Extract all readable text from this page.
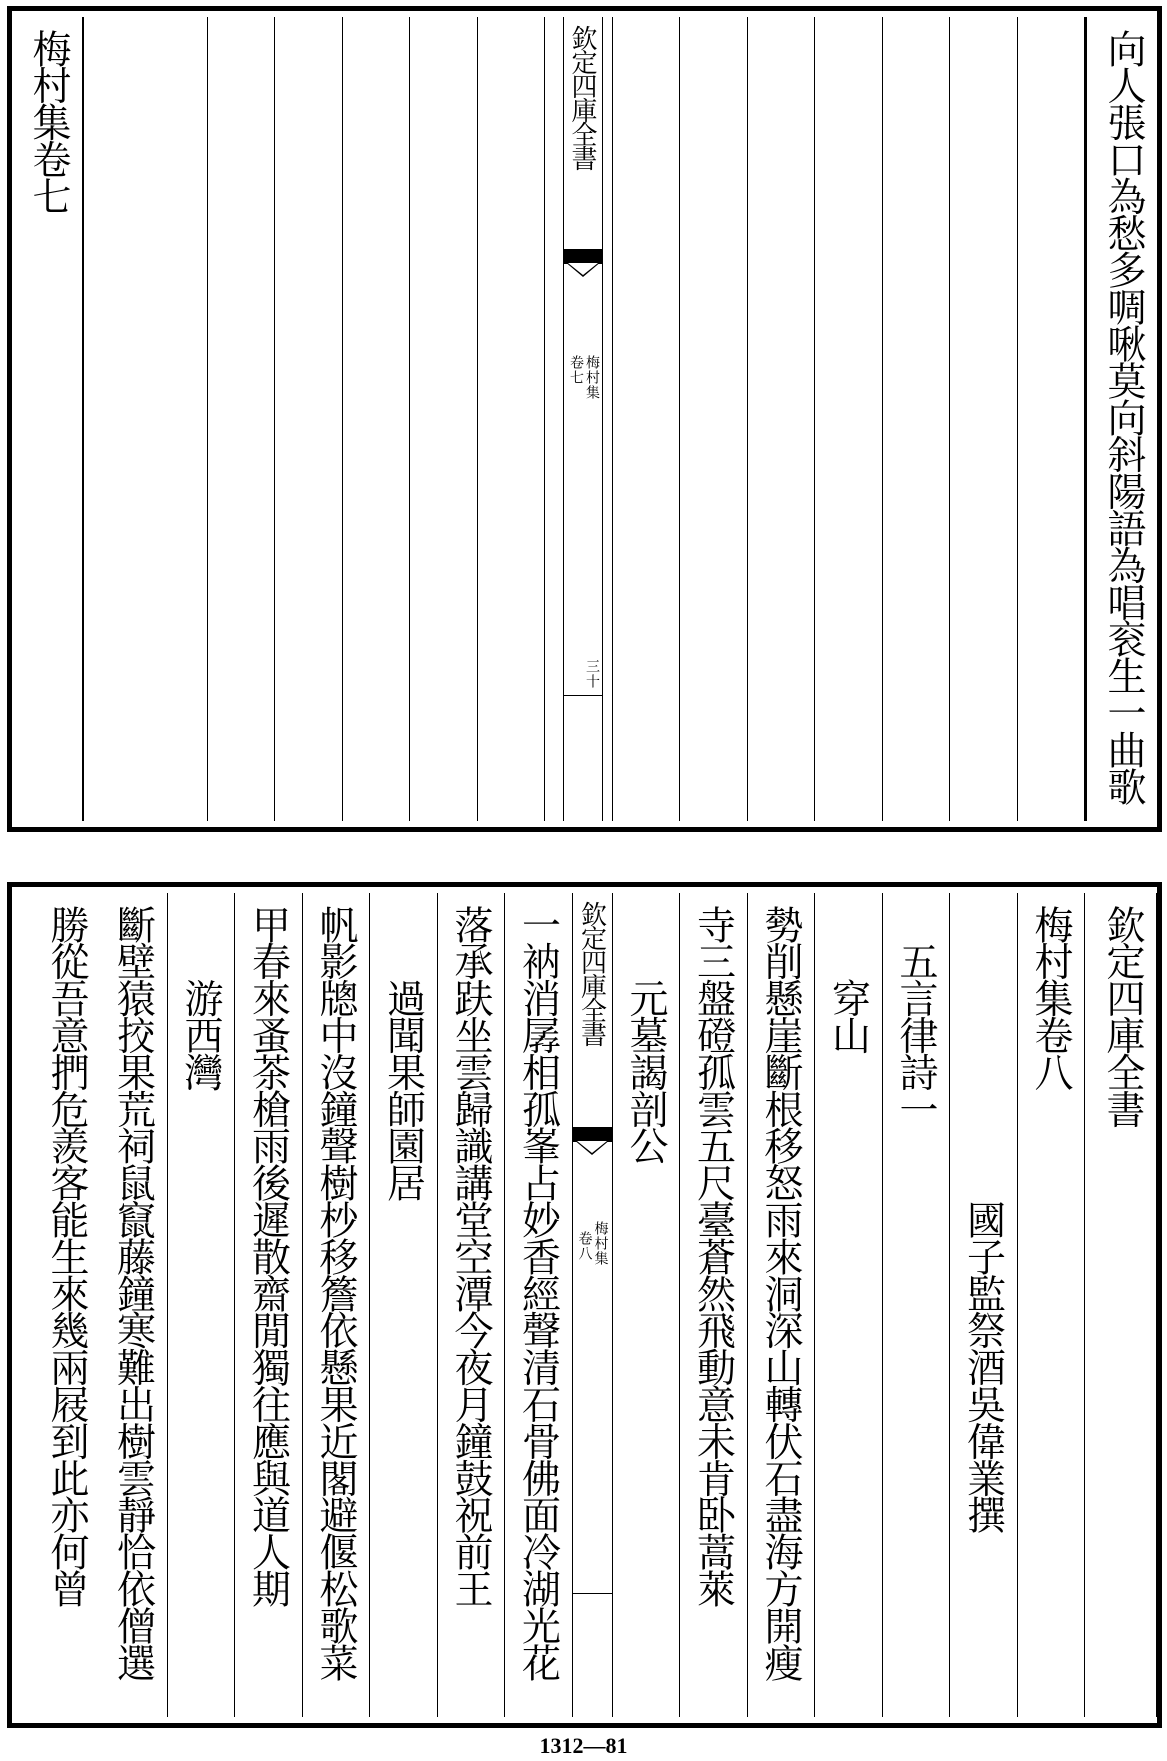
向人張口為愁多啁啾莫向斜陽語為唱衮生一曲歌
欽定四庫全書
梅村集
卷七
三十
梅村集卷七
欽定四庫全書
梅村集卷八
　　　　　　　　國子監祭酒吳偉業撰
　五言律詩一
　　穿山
勢削懸崖斷根移怒雨來洞深山轉伏石盡海方開瘦
寺三盤磴孤雲五尺臺蒼然飛動意未肯卧蒿萊
　　元墓謁剖公
欽定四庫全書
梅村集
卷八
一衲消孱相孤峯占妙香經聲清石骨佛面冷湖光花
落承趺坐雲歸識講堂空潭今夜月鐘鼓祝前王
　　過聞果師園居
帆影牕中沒鐘聲樹杪移簷依懸果近閣避偃松歌菜
甲春來蚤茶槍雨後遲散齋閒獨往應與道人期
　　游西灣
斷壁猿挍果荒祠鼠竄藤鐘寒難出樹雲靜恰依僧選
勝從吾意捫危羨客能生來幾兩屐到此亦何曾
1312—81
